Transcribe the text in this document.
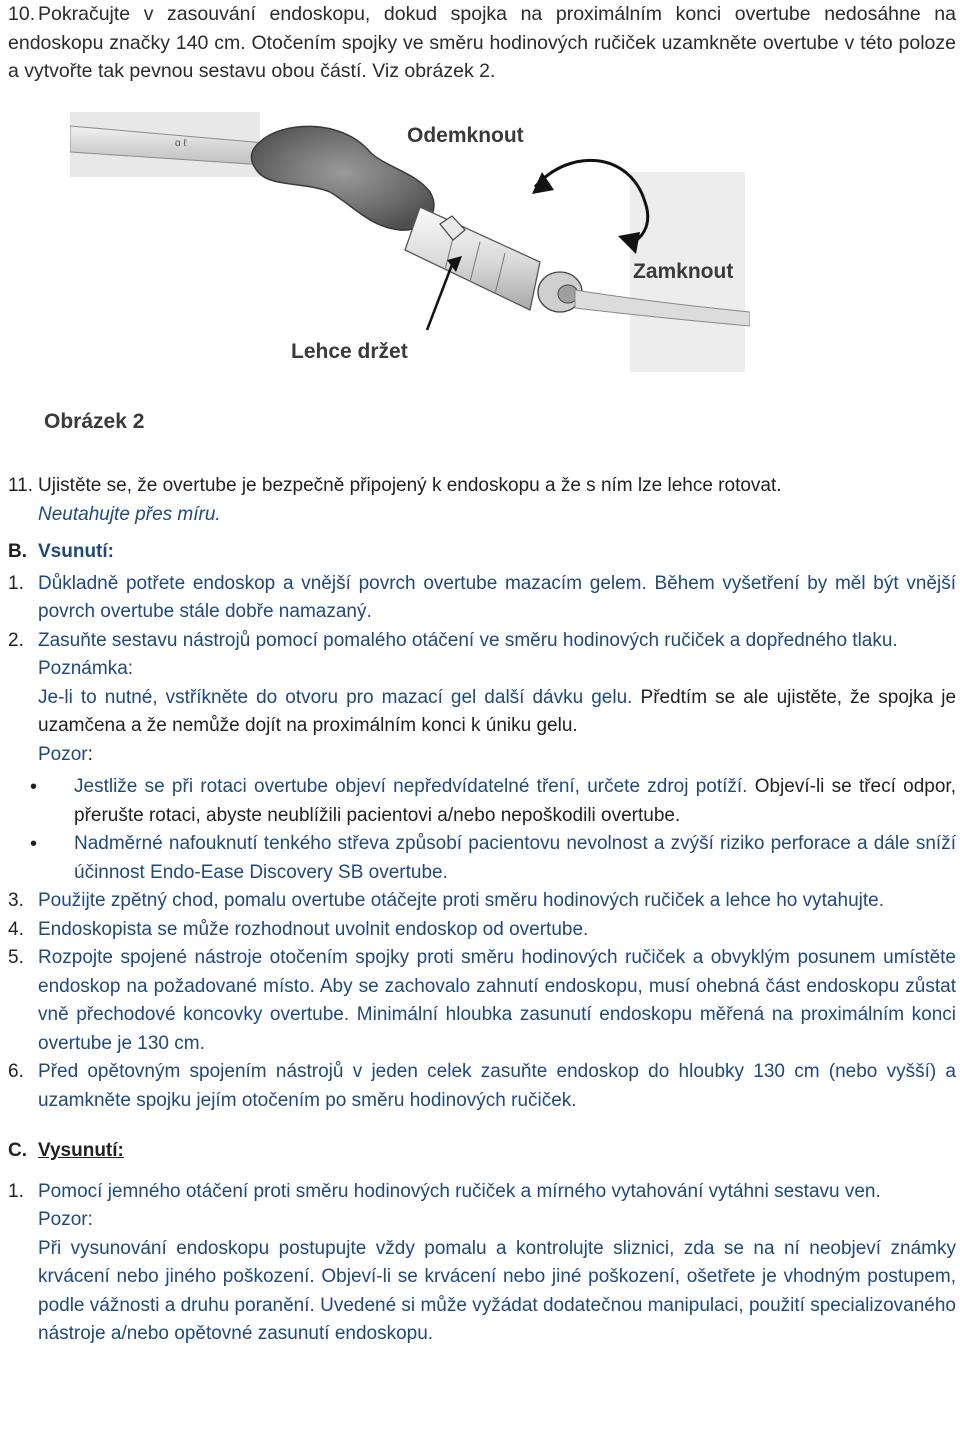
10. Pokračujte v zasouvání endoskopu, dokud spojka na proximálním konci overtube nedosáhne na endoskopu značky 140 cm. Otočením spojky ve směru hodinových ručiček uzamkněte overtube v této poloze a vytvořte tak pevnou sestavu obou částí. Viz obrázek 2.
ɑ ℓ	Odemknout
Zamknout
Lehce držet
Obrázek 2
11. Ujistěte se, že overtube je bezpečně připojený k endoskopu a že s ním lze lehce rotovat.
Neutahujte přes míru.
B. Vsunutí:
1. Důkladně potřete endoskop a vnější povrch overtube mazacím gelem. Během vyšetření by měl být vnější povrch overtube stále dobře namazaný.
2. Zasuňte sestavu nástrojů pomocí pomalého otáčení ve směru hodinových ručiček a dopředného tlaku.
Poznámka:
Je-li to nutné, vstříkněte do otvoru pro mazací gel další dávku gelu. Předtím se ale ujistěte, že spojka je uzamčena a že nemůže dojít na proximálním konci k úniku gelu.
Pozor:
•	Jestliže se při rotaci overtube objeví nepředvídatelné tření, určete zdroj potíží. Objeví-li se třecí odpor, přerušte rotaci, abyste neublížili pacientovi a/nebo nepoškodili overtube.
•	Nadměrné nafouknutí tenkého střeva způsobí pacientovu nevolnost a zvýší riziko perforace a dále sníží účinnost Endo-Ease Discovery SB overtube.
3. Použijte zpětný chod, pomalu overtube otáčejte proti směru hodinových ručiček a lehce ho vytahujte.
4. Endoskopista se může rozhodnout uvolnit endoskop od overtube.
5. Rozpojte spojené nástroje otočením spojky proti směru hodinových ručiček a obvyklým posunem umístěte endoskop na požadované místo. Aby se zachovalo zahnutí endoskopu, musí ohebná část endoskopu zůstat vně přechodové koncovky overtube. Minimální hloubka zasunutí endoskopu měřená na proximálním konci overtube je 130 cm.
6. Před opětovným spojením nástrojů v jeden celek zasuňte endoskop do hloubky 130 cm (nebo vyšší) a uzamkněte spojku jejím otočením po směru hodinových ručiček.
C. Vysunutí:
1. Pomocí jemného otáčení proti směru hodinových ručiček a mírného vytahování vytáhni sestavu ven.
Pozor:
Při vysunování endoskopu postupujte vždy pomalu a kontrolujte sliznici, zda se na ní neobjeví známky krvácení nebo jiného poškození. Objeví-li se krvácení nebo jiné poškození, ošetřete je vhodným postupem, podle vážnosti a druhu poranění. Uvedené si může vyžádat dodatečnou manipulaci, použití specializovaného nástroje a/nebo opětovné zasunutí endoskopu.
